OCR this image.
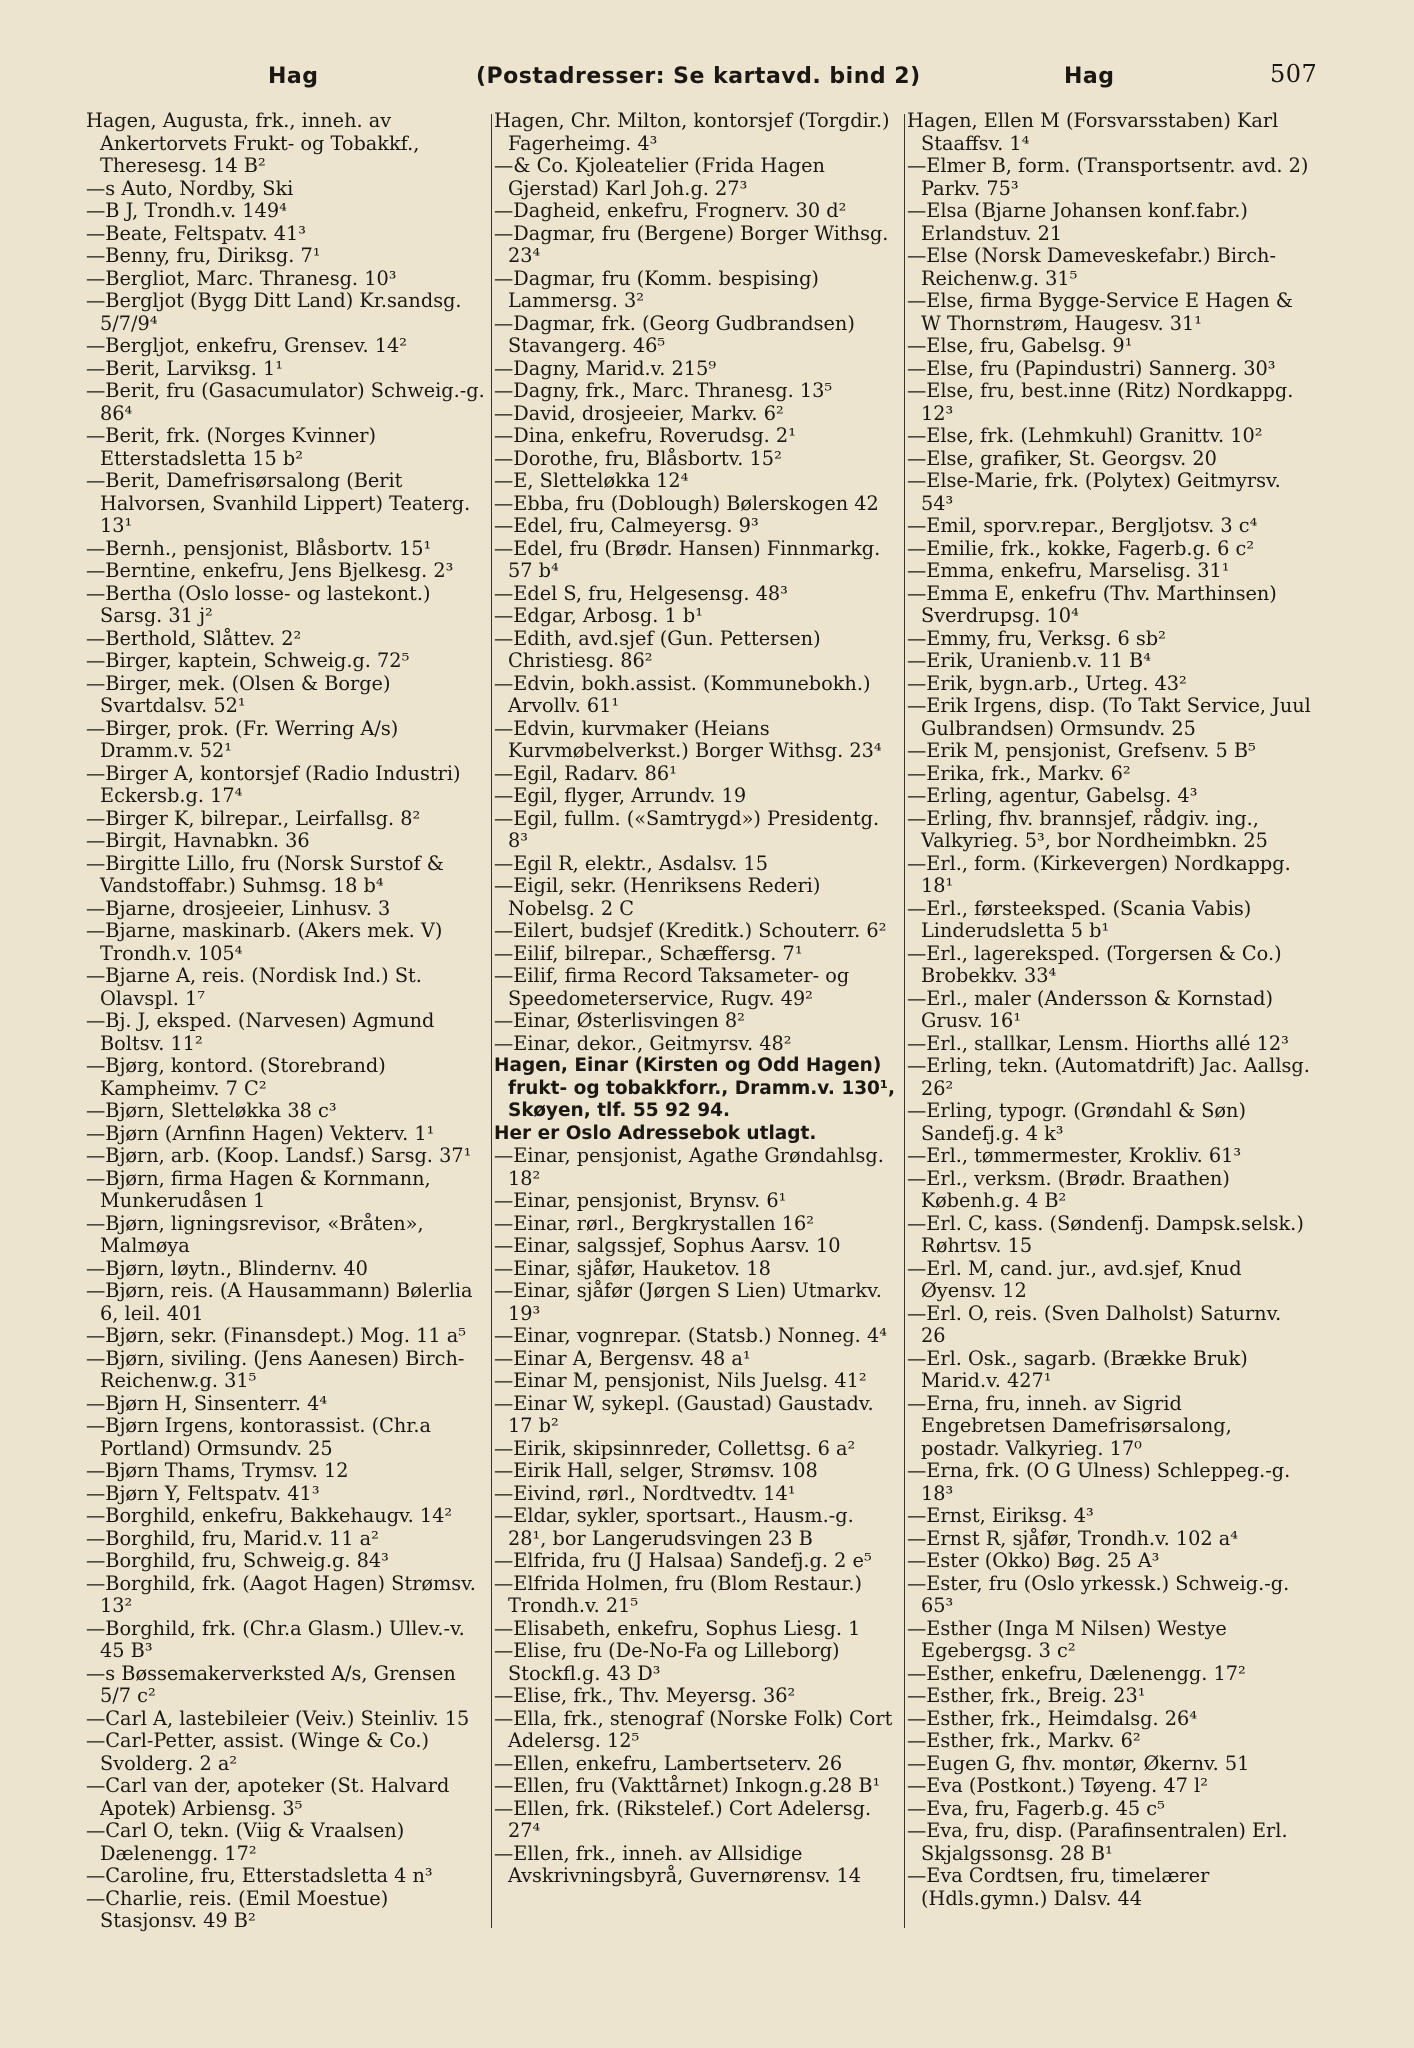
Hag	(Postadresser: Se kartavd. bind 2)	Hag	507
Hagen, Augusta, frk., inneh. av Ankertorvets Frukt- og Tobakkf., Theresesg. 14 B²
—s Auto, Nordby, Ski
—B J, Trondh.v. 149⁴
—Beate, Feltspatv. 41³
—Benny, fru, Diriksg. 7¹
—Bergliot, Marc. Thranesg. 10³
—Bergljot (Bygg Ditt Land) Kr.sandsg. 5/7/9⁴
—Bergljot, enkefru, Grensev. 14²
—Berit, Larviksg. 1¹
—Berit, fru (Gasacumulator) Schweig.-g. 86⁴
—Berit, frk. (Norges Kvinner) Etterstadsletta 15 b²
—Berit, Damefrisørsalong (Berit Halvorsen, Svanhild Lippert) Teaterg. 13¹
—Bernh., pensjonist, Blåsbortv. 15¹
—Berntine, enkefru, Jens Bjelkesg. 2³
—Bertha (Oslo losse- og lastekont.) Sarsg. 31 j²
—Berthold, Slåttev. 2²
—Birger, kaptein, Schweig.g. 72⁵
—Birger, mek. (Olsen & Borge) Svartdalsv. 52¹
—Birger, prok. (Fr. Werring A/s) Dramm.v. 52¹
—Birger A, kontorsjef (Radio Industri) Eckersb.g. 17⁴
—Birger K, bilrepar., Leirfallsg. 8²
—Birgit, Havnabkn. 36
—Birgitte Lillo, fru (Norsk Surstof & Vandstoffabr.) Suhmsg. 18 b⁴
—Bjarne, drosjeeier, Linhusv. 3
—Bjarne, maskinarb. (Akers mek. V) Trondh.v. 105⁴
—Bjarne A, reis. (Nordisk Ind.) St. Olavspl. 1⁷
—Bj. J, eksped. (Narvesen) Agmund Boltsv. 11²
—Bjørg, kontord. (Storebrand) Kampheimv. 7 C²
—Bjørn, Sletteløkka 38 c³
—Bjørn (Arnfinn Hagen) Vekterv. 1¹
—Bjørn, arb. (Koop. Landsf.) Sarsg. 37¹
—Bjørn, firma Hagen & Kornmann, Munkerudåsen 1
—Bjørn, ligningsrevisor, «Bråten», Malmøya
—Bjørn, løytn., Blindernv. 40
—Bjørn, reis. (A Hausammann) Bølerlia 6, leil. 401
—Bjørn, sekr. (Finansdept.) Mog. 11 a⁵
—Bjørn, siviling. (Jens Aanesen) Birch-Reichenw.g. 31⁵
—Bjørn H, Sinsenterr. 4⁴
—Bjørn Irgens, kontorassist. (Chr.a Portland) Ormsundv. 25
—Bjørn Thams, Trymsv. 12
—Bjørn Y, Feltspatv. 41³
—Borghild, enkefru, Bakkehaugv. 14²
—Borghild, fru, Marid.v. 11 a²
—Borghild, fru, Schweig.g. 84³
—Borghild, frk. (Aagot Hagen) Strømsv. 13²
—Borghild, frk. (Chr.a Glasm.) Ullev.-v. 45 B³
—s Bøssemakerverksted A/s, Grensen 5/7 c²
—Carl A, lastebileier (Veiv.) Steinliv. 15
—Carl-Petter, assist. (Winge & Co.) Svolderg. 2 a²
—Carl van der, apoteker (St. Halvard Apotek) Arbiensg. 3⁵
—Carl O, tekn. (Viig & Vraalsen) Dælenengg. 17²
—Caroline, fru, Etterstadsletta 4 n³
—Charlie, reis. (Emil Moestue) Stasjonsv. 49 B²
Hagen, Chr. Milton, kontorsjef (Torgdir.) Fagerheimg. 4³
—& Co. Kjoleatelier (Frida Hagen Gjerstad) Karl Joh.g. 27³
—Dagheid, enkefru, Frognerv. 30 d²
—Dagmar, fru (Bergene) Borger Withsg. 23⁴
—Dagmar, fru (Komm. bespising) Lammersg. 3²
—Dagmar, frk. (Georg Gudbrandsen) Stavangerg. 46⁵
—Dagny, Marid.v. 215⁹
—Dagny, frk., Marc. Thranesg. 13⁵
—David, drosjeeier, Markv. 6²
—Dina, enkefru, Roverudsg. 2¹
—Dorothe, fru, Blåsbortv. 15²
—E, Sletteløkka 12⁴
—Ebba, fru (Doblough) Bølerskogen 42
—Edel, fru, Calmeyersg. 9³
—Edel, fru (Brødr. Hansen) Finnmarkg. 57 b⁴
—Edel S, fru, Helgesensg. 48³
—Edgar, Arbosg. 1 b¹
—Edith, avd.sjef (Gun. Pettersen) Christiesg. 86²
—Edvin, bokh.assist. (Kommunebokh.) Arvollv. 61¹
—Edvin, kurvmaker (Heians Kurvmøbelverkst.) Borger Withsg. 23⁴
—Egil, Radarv. 86¹
—Egil, flyger, Arrundv. 19
—Egil, fullm. («Samtrygd») Presidentg. 8³
—Egil R, elektr., Asdalsv. 15
—Eigil, sekr. (Henriksens Rederi) Nobelsg. 2 C
—Eilert, budsjef (Kreditk.) Schouterr. 6²
—Eilif, bilrepar., Schæffersg. 7¹
—Eilif, firma Record Taksameter- og Speedometerservice, Rugv. 49²
—Einar, Østerlisvingen 8²
—Einar, dekor., Geitmyrsv. 48²
Hagen, Einar (Kirsten og Odd Hagen) frukt- og tobakkforr., Dramm.v. 130¹, Skøyen, tlf. 55 92 94.
Her er Oslo Adressebok utlagt.
—Einar, pensjonist, Agathe Grøndahlsg. 18²
—Einar, pensjonist, Brynsv. 6¹
—Einar, rørl., Bergkrystallen 16²
—Einar, salgssjef, Sophus Aarsv. 10
—Einar, sjåfør, Hauketov. 18
—Einar, sjåfør (Jørgen S Lien) Utmarkv. 19³
—Einar, vognrepar. (Statsb.) Nonneg. 4⁴
—Einar A, Bergensv. 48 a¹
—Einar M, pensjonist, Nils Juelsg. 41²
—Einar W, sykepl. (Gaustad) Gaustadv. 17 b²
—Eirik, skipsinnreder, Collettsg. 6 a²
—Eirik Hall, selger, Strømsv. 108
—Eivind, rørl., Nordtvedtv. 14¹
—Eldar, sykler, sportsart., Hausm.-g. 28¹, bor Langerudsvingen 23 B
—Elfrida, fru (J Halsaa) Sandefj.g. 2 e⁵
—Elfrida Holmen, fru (Blom Restaur.) Trondh.v. 21⁵
—Elisabeth, enkefru, Sophus Liesg. 1
—Elise, fru (De-No-Fa og Lilleborg) Stockfl.g. 43 D³
—Elise, frk., Thv. Meyersg. 36²
—Ella, frk., stenograf (Norske Folk) Cort Adelersg. 12⁵
—Ellen, enkefru, Lambertseterv. 26
—Ellen, fru (Vakttårnet) Inkogn.g.28 B¹
—Ellen, frk. (Rikstelef.) Cort Adelersg. 27⁴
—Ellen, frk., inneh. av Allsidige Avskrivningsbyrå, Guvernørensv. 14
Hagen, Ellen M (Forsvarsstaben) Karl Staaffsv. 1⁴
—Elmer B, form. (Transportsentr. avd. 2) Parkv. 75³
—Elsa (Bjarne Johansen konf.fabr.) Erlandstuv. 21
—Else (Norsk Dameveskefabr.) Birch-Reichenw.g. 31⁵
—Else, firma Bygge-Service E Hagen & W Thornstrøm, Haugesv. 31¹
—Else, fru, Gabelsg. 9¹
—Else, fru (Papindustri) Sannerg. 30³
—Else, fru, best.inne (Ritz) Nordkappg. 12³
—Else, frk. (Lehmkuhl) Granittv. 10²
—Else, grafiker, St. Georgsv. 20
—Else-Marie, frk. (Polytex) Geitmyrsv. 54³
—Emil, sporv.repar., Bergljotsv. 3 c⁴
—Emilie, frk., kokke, Fagerb.g. 6 c²
—Emma, enkefru, Marselisg. 31¹
—Emma E, enkefru (Thv. Marthinsen) Sverdrupsg. 10⁴
—Emmy, fru, Verksg. 6 sb²
—Erik, Uranienb.v. 11 B⁴
—Erik, bygn.arb., Urteg. 43²
—Erik Irgens, disp. (To Takt Service, Juul Gulbrandsen) Ormsundv. 25
—Erik M, pensjonist, Grefsenv. 5 B⁵
—Erika, frk., Markv. 6²
—Erling, agentur, Gabelsg. 4³
—Erling, fhv. brannsjef, rådgiv. ing., Valkyrieg. 5³, bor Nordheimbkn. 25
—Erl., form. (Kirkevergen) Nordkappg. 18¹
—Erl., førsteeksped. (Scania Vabis) Linderudsletta 5 b¹
—Erl., lagereksped. (Torgersen & Co.) Brobekkv. 33⁴
—Erl., maler (Andersson & Kornstad) Grusv. 16¹
—Erl., stallkar, Lensm. Hiorths allé 12³
—Erling, tekn. (Automatdrift) Jac. Aallsg. 26²
—Erling, typogr. (Grøndahl & Søn) Sandefj.g. 4 k³
—Erl., tømmermester, Krokliv. 61³
—Erl., verksm. (Brødr. Braathen) Københ.g. 4 B²
—Erl. C, kass. (Søndenfj. Dampsk.selsk.) Røhrtsv. 15
—Erl. M, cand. jur., avd.sjef, Knud Øyensv. 12
—Erl. O, reis. (Sven Dalholst) Saturnv. 26
—Erl. Osk., sagarb. (Brække Bruk) Marid.v. 427¹
—Erna, fru, inneh. av Sigrid Engebretsen Damefrisørsalong, postadr. Valkyrieg. 17⁰
—Erna, frk. (O G Ulness) Schleppeg.-g. 18³
—Ernst, Eiriksg. 4³
—Ernst R, sjåfør, Trondh.v. 102 a⁴
—Ester (Okko) Bøg. 25 A³
—Ester, fru (Oslo yrkessk.) Schweig.-g. 65³
—Esther (Inga M Nilsen) Westye Egebergsg. 3 c²
—Esther, enkefru, Dælenengg. 17²
—Esther, frk., Breig. 23¹
—Esther, frk., Heimdalsg. 26⁴
—Esther, frk., Markv. 6²
—Eugen G, fhv. montør, Økernv. 51
—Eva (Postkont.) Tøyeng. 47 l²
—Eva, fru, Fagerb.g. 45 c⁵
—Eva, fru, disp. (Parafinsentralen) Erl. Skjalgssonsg. 28 B¹
—Eva Cordtsen, fru, timelærer (Hdls.gymn.) Dalsv. 44
